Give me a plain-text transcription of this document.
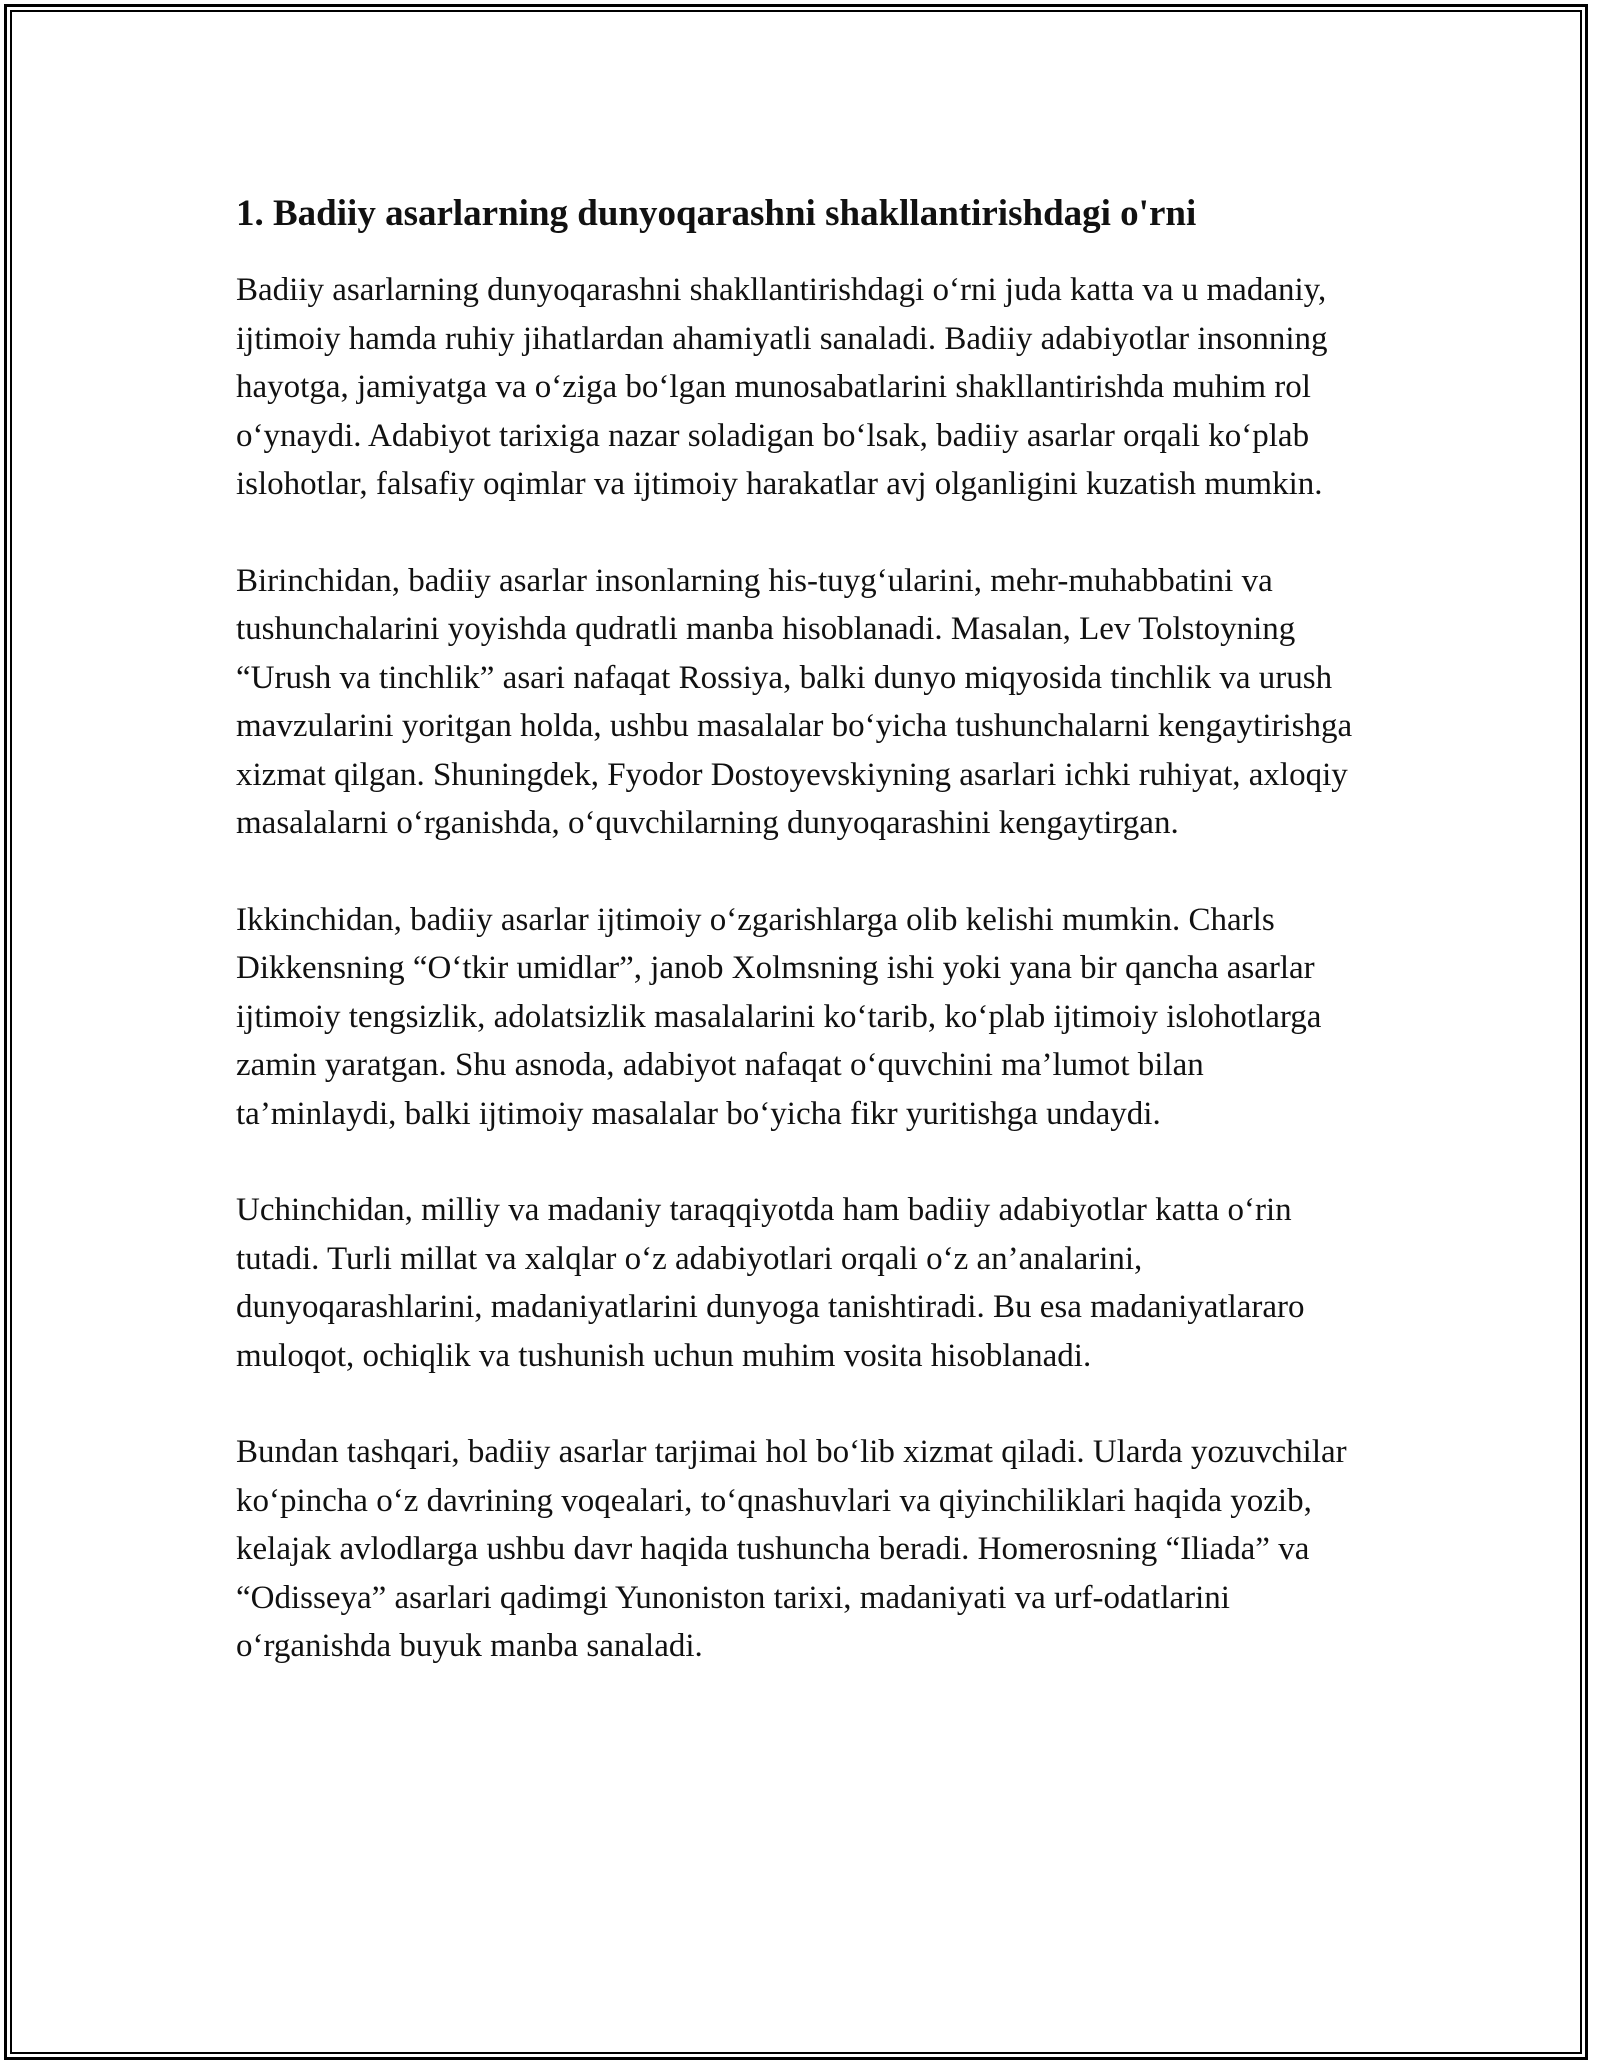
1. Badiiy asarlarning dunyoqarashni shakllantirishdagi o'rni

Badiiy asarlarning dunyoqarashni shakllantirishdagi o‘rni juda katta va u madaniy, ijtimoiy hamda ruhiy jihatlardan ahamiyatli sanaladi. Badiiy adabiyotlar insonning hayotga, jamiyatga va o‘ziga bo‘lgan munosabatlarini shakllantirishda muhim rol o‘ynaydi. Adabiyot tarixiga nazar soladigan bo‘lsak, badiiy asarlar orqali ko‘plab islohotlar, falsafiy oqimlar va ijtimoiy harakatlar avj olganligini kuzatish mumkin.

Birinchidan, badiiy asarlar insonlarning his-tuyg‘ularini, mehr-muhabbatini va tushunchalarini yoyishda qudratli manba hisoblanadi. Masalan, Lev Tolstoyning “Urush va tinchlik” asari nafaqat Rossiya, balki dunyo miqyosida tinchlik va urush mavzularini yoritgan holda, ushbu masalalar bo‘yicha tushunchalarni kengaytirishga xizmat qilgan. Shuningdek, Fyodor Dostoyevskiyning asarlari ichki ruhiyat, axloqiy masalalarni o‘rganishda, o‘quvchilarning dunyoqarashini kengaytirgan.

Ikkinchidan, badiiy asarlar ijtimoiy o‘zgarishlarga olib kelishi mumkin. Charls Dikkensning “O‘tkir umidlar”, janob Xolmsning ishi yoki yana bir qancha asarlar ijtimoiy tengsizlik, adolatsizlik masalalarini ko‘tarib, ko‘plab ijtimoiy islohotlarga zamin yaratgan. Shu asnoda, adabiyot nafaqat o‘quvchini ma’lumot bilan ta’minlaydi, balki ijtimoiy masalalar bo‘yicha fikr yuritishga undaydi.

Uchinchidan, milliy va madaniy taraqqiyotda ham badiiy adabiyotlar katta o‘rin tutadi. Turli millat va xalqlar o‘z adabiyotlari orqali o‘z an’analarini, dunyoqarashlarini, madaniyatlarini dunyoga tanishtiradi. Bu esa madaniyatlararo muloqot, ochiqlik va tushunish uchun muhim vosita hisoblanadi.

Bundan tashqari, badiiy asarlar tarjimai hol bo‘lib xizmat qiladi. Ularda yozuvchilar ko‘pincha o‘z davrining voqealari, to‘qnashuvlari va qiyinchiliklari haqida yozib, kelajak avlodlarga ushbu davr haqida tushuncha beradi. Homerosning “Iliada” va “Odisseya” asarlari qadimgi Yunoniston tarixi, madaniyati va urf-odatlarini o‘rganishda buyuk manba sanaladi.
